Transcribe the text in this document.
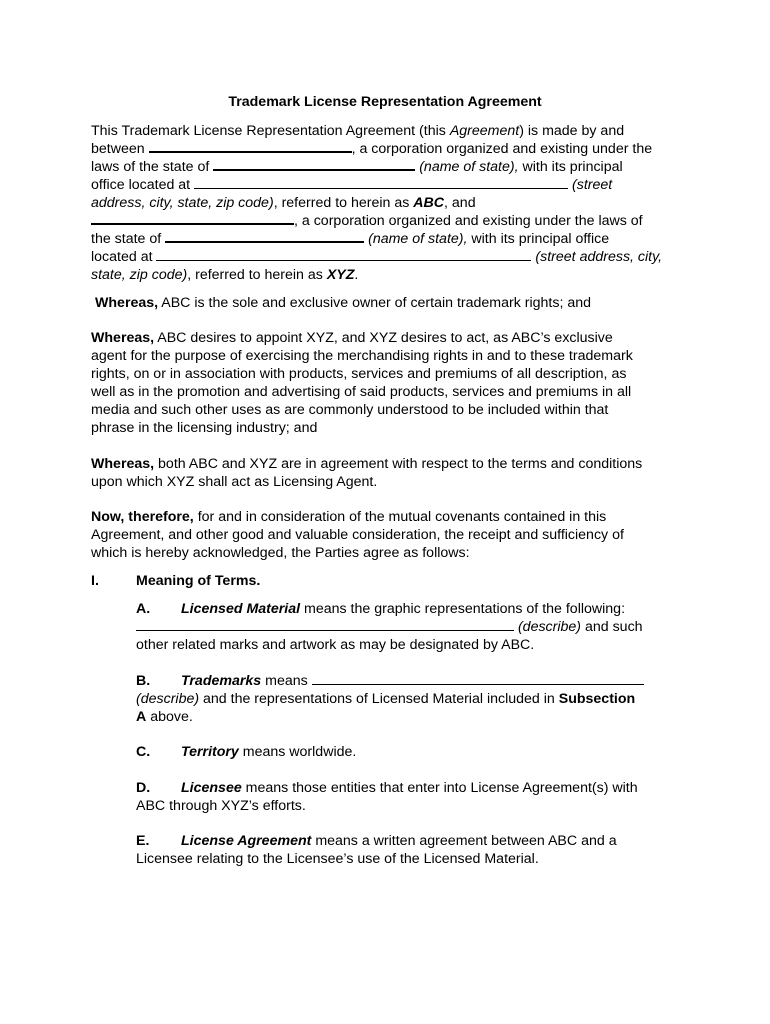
Trademark License Representation Agreement
This Trademark License Representation Agreement (this Agreement) is made by and
between	, a corporation organized and existing under the
laws of the state of	(name of state), with its principal
office located at	(street
address, city, state, zip code), referred to herein as ABC, and
, a corporation organized and existing under the laws of
the state of	(name of state), with its principal office
located at	(street address, city,
state, zip code), referred to herein as XYZ.
Whereas, ABC is the sole and exclusive owner of certain trademark rights; and
Whereas, ABC desires to appoint XYZ, and XYZ desires to act, as ABC’s exclusive
agent for the purpose of exercising the merchandising rights in and to these trademark
rights, on or in association with products, services and premiums of all description, as
well as in the promotion and advertising of said products, services and premiums in all
media and such other uses as are commonly understood to be included within that
phrase in the licensing industry; and
Whereas, both ABC and XYZ are in agreement with respect to the terms and conditions
upon which XYZ shall act as Licensing Agent.
Now, therefore, for and in consideration of the mutual covenants contained in this
Agreement, and other good and valuable consideration, the receipt and sufficiency of
which is hereby acknowledged, the Parties agree as follows:
I.	Meaning of Terms.
A. Licensed Material means the graphic representations of the following:
(describe) and such
other related marks and artwork as may be designated by ABC.
B. Trademarks means
(describe) and the representations of Licensed Material included in Subsection
A above.
C. Territory means worldwide.
D. Licensee means those entities that enter into License Agreement(s) with
ABC through XYZ’s efforts.
E. License Agreement means a written agreement between ABC and a
Licensee relating to the Licensee’s use of the Licensed Material.
